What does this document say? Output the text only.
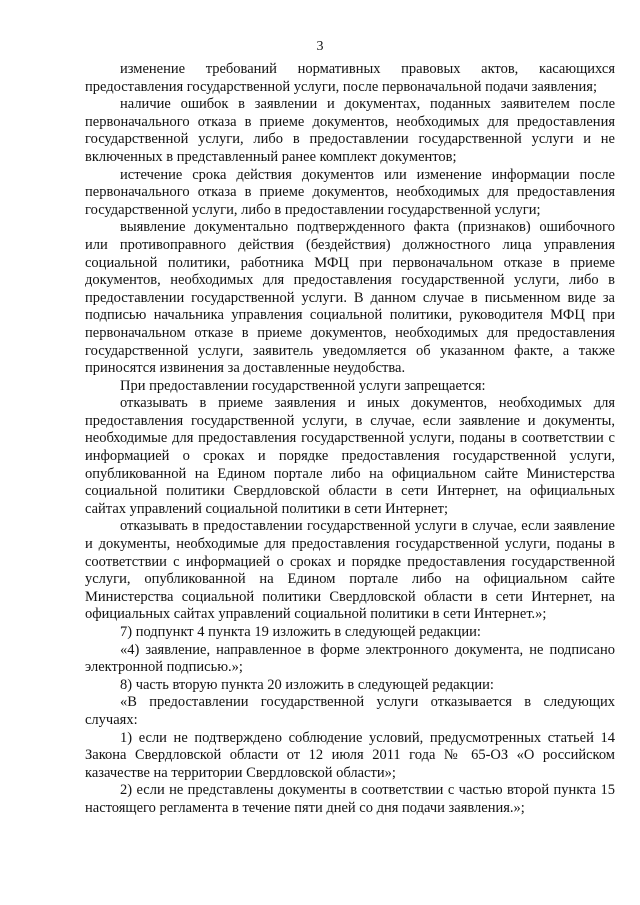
3

изменение требований нормативных правовых актов, касающихся предоставления государственной услуги, после первоначальной подачи заявления;

наличие ошибок в заявлении и документах, поданных заявителем после первоначального отказа в приеме документов, необходимых для предоставления государственной услуги, либо в предоставлении государственной услуги и не включенных в представленный ранее комплект документов;

истечение срока действия документов или изменение информации после первоначального отказа в приеме документов, необходимых для предоставления государственной услуги, либо в предоставлении государственной услуги;

выявление документально подтвержденного факта (признаков) ошибочного или противоправного действия (бездействия) должностного лица управления социальной политики, работника МФЦ при первоначальном отказе в приеме документов, необходимых для предоставления государственной услуги, либо в предоставлении государственной услуги. В данном случае в письменном виде за подписью начальника управления социальной политики, руководителя МФЦ при первоначальном отказе в приеме документов, необходимых для предоставления государственной услуги, заявитель уведомляется об указанном факте, а также приносятся извинения за доставленные неудобства.

При предоставлении государственной услуги запрещается:

отказывать в приеме заявления и иных документов, необходимых для предоставления государственной услуги, в случае, если заявление и документы, необходимые для предоставления государственной услуги, поданы в соответствии с информацией о сроках и порядке предоставления государственной услуги, опубликованной на Едином портале либо на официальном сайте Министерства социальной политики Свердловской области в сети Интернет, на официальных сайтах управлений социальной политики в сети Интернет;

отказывать в предоставлении государственной услуги в случае, если заявление и документы, необходимые для предоставления государственной услуги, поданы в соответствии с информацией о сроках и порядке предоставления государственной услуги, опубликованной на Едином портале либо на официальном сайте Министерства социальной политики Свердловской области в сети Интернет, на официальных сайтах управлений социальной политики в сети Интернет.»;

7) подпункт 4 пункта 19 изложить в следующей редакции:

«4) заявление, направленное в форме электронного документа, не подписано электронной подписью.»;

8) часть вторую пункта 20 изложить в следующей редакции:

«В предоставлении государственной услуги отказывается в следующих случаях:

1) если не подтверждено соблюдение условий, предусмотренных статьей 14 Закона Свердловской области от 12 июля 2011 года № 65-ОЗ «О российском казачестве на территории Свердловской области»;

2) если не представлены документы в соответствии с частью второй пункта 15 настоящего регламента в течение пяти дней со дня подачи заявления.»;
